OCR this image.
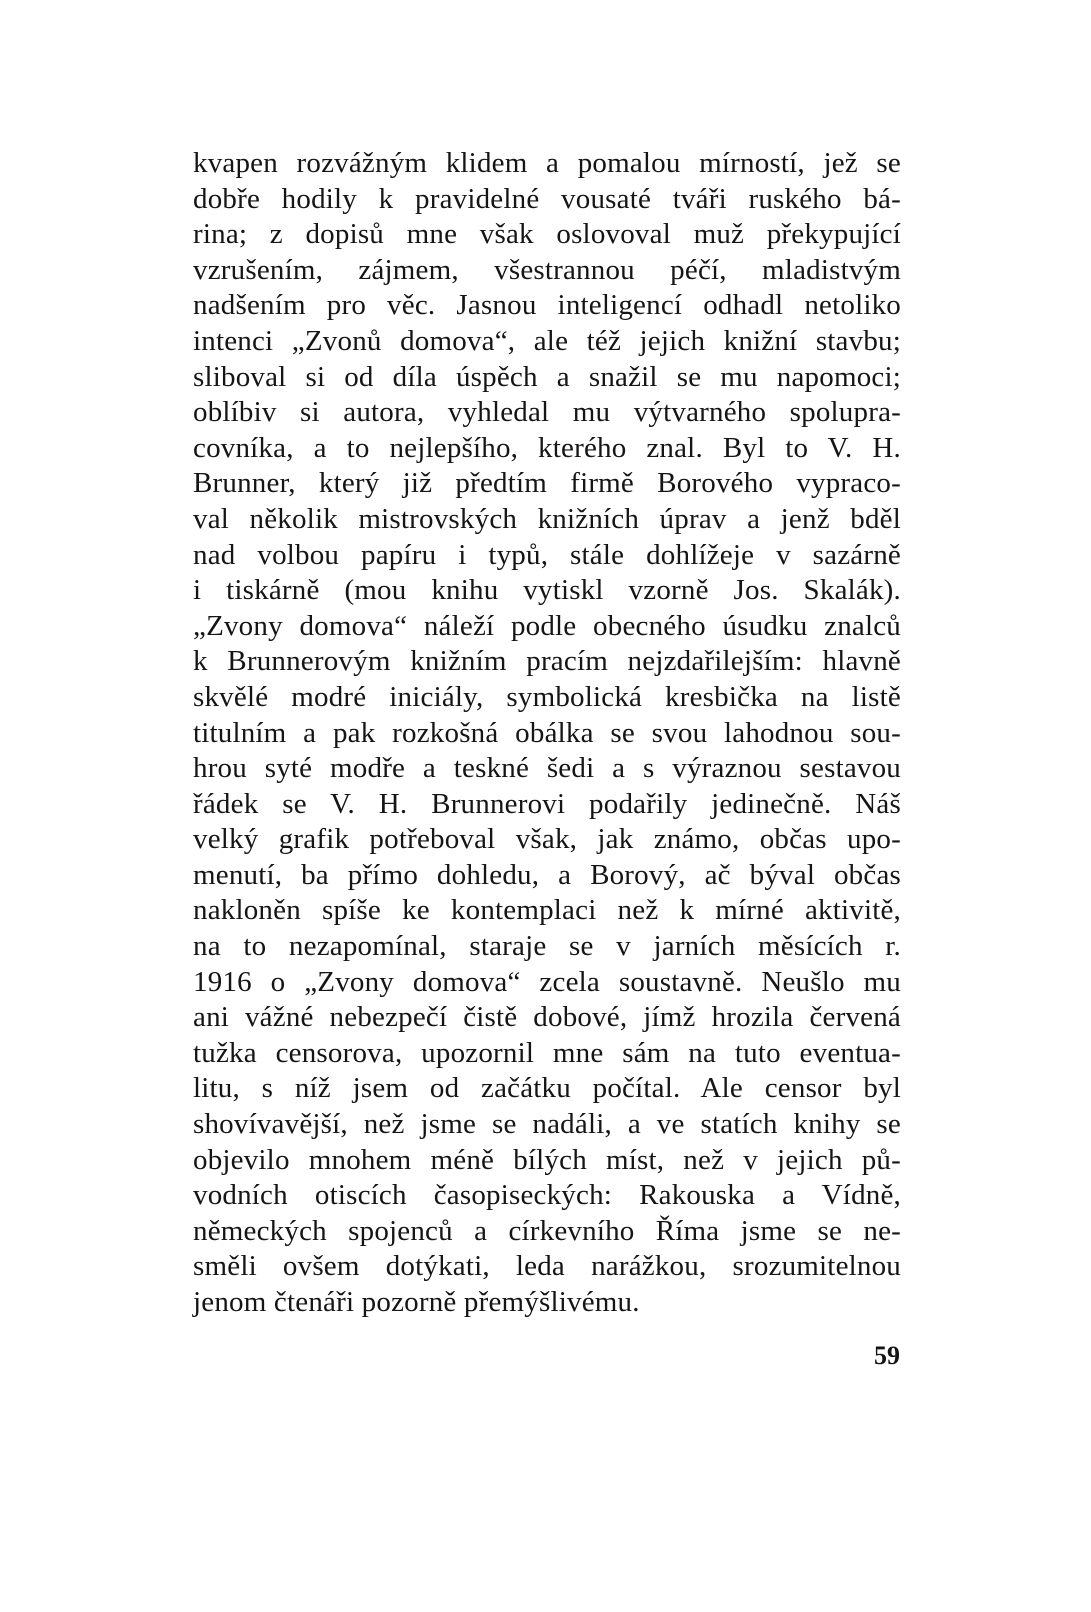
kvapen rozvážným klidem a pomalou mírností, jež se
dobře hodily k pravidelné vousaté tváři ruského bá-
rina; z dopisů mne však oslovoval muž překypující
vzrušením, zájmem, všestrannou péčí, mladistvým
nadšením pro věc. Jasnou inteligencí odhadl netoliko
intenci „Zvonů domova“, ale též jejich knižní stavbu;
sliboval si od díla úspěch a snažil se mu napomoci;
oblíbiv si autora, vyhledal mu výtvarného spolupra-
covníka, a to nejlepšího, kterého znal. Byl to V. H.
Brunner, který již předtím firmě Borového vypraco-
val několik mistrovských knižních úprav a jenž bděl
nad volbou papíru i typů, stále dohlížeje v sazárně
i tiskárně (mou knihu vytiskl vzorně Jos. Skalák).
„Zvony domova“ náleží podle obecného úsudku znalců
k Brunnerovým knižním pracím nejzdařilejším: hlavně
skvělé modré iniciály, symbolická kresbička na listě
titulním a pak rozkošná obálka se svou lahodnou sou-
hrou syté modře a teskné šedi a s výraznou sestavou
řádek se V. H. Brunnerovi podařily jedinečně. Náš
velký grafik potřeboval však, jak známo, občas upo-
menutí, ba přímo dohledu, a Borový, ač býval občas
nakloněn spíše ke kontemplaci než k mírné aktivitě,
na to nezapomínal, staraje se v jarních měsících r.
1916 o „Zvony domova“ zcela soustavně. Neušlo mu
ani vážné nebezpečí čistě dobové, jímž hrozila červená
tužka censorova, upozornil mne sám na tuto eventua-
litu, s níž jsem od začátku počítal. Ale censor byl
shovívavější, než jsme se nadáli, a ve statích knihy se
objevilo mnohem méně bílých míst, než v jejich pů-
vodních otiscích časopiseckých: Rakouska a Vídně,
německých spojenců a církevního Říma jsme se ne-
směli ovšem dotýkati, leda narážkou, srozumitelnou
jenom čtenáři pozorně přemýšlivému.
59
